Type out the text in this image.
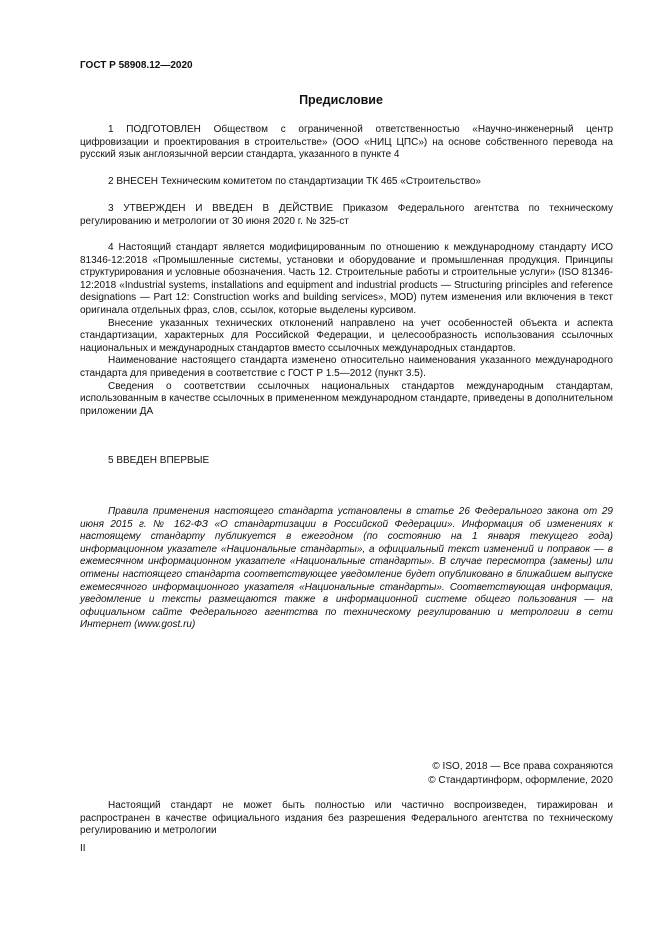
ГОСТ Р 58908.12—2020
Предисловие

1 ПОДГОТОВЛЕН Обществом с ограниченной ответственностью «Научно-инженерный центр цифровизации и проектирования в строительстве» (ООО «НИЦ ЦПС») на основе собственного перевода на русский язык англоязычной версии стандарта, указанного в пункте 4

2 ВНЕСЕН Техническим комитетом по стандартизации ТК 465 «Строительство»

3 УТВЕРЖДЕН И ВВЕДЕН В ДЕЙСТВИЕ Приказом Федерального агентства по техническому регулированию и метрологии от 30 июня 2020 г. № 325-ст

4 Настоящий стандарт является модифицированным по отношению к международному стандарту ИСО 81346-12:2018 «Промышленные системы, установки и оборудование и промышленная продукция. Принципы структурирования и условные обозначения. Часть 12. Строительные работы и строительные услуги» (ISO 81346-12:2018 «Industrial systems, installations and equipment and industrial products — Structuring principles and reference designations — Part 12: Construction works and building services», MOD) путем изменения или включения в текст оригинала отдельных фраз, слов, ссылок, которые выделены курсивом.

Внесение указанных технических отклонений направлено на учет особенностей объекта и аспекта стандартизации, характерных для Российской Федерации, и целесообразность использования ссылочных национальных и международных стандартов вместо ссылочных международных стандартов.

Наименование настоящего стандарта изменено относительно наименования указанного международного стандарта для приведения в соответствие с ГОСТ Р 1.5—2012 (пункт 3.5).

Сведения о соответствии ссылочных национальных стандартов международным стандартам, использованным в качестве ссылочных в примененном международном стандарте, приведены в дополнительном приложении ДА

5 ВВЕДЕН ВПЕРВЫЕ

Правила применения настоящего стандарта установлены в статье 26 Федерального закона от 29 июня 2015 г. № 162-ФЗ «О стандартизации в Российской Федерации». Информация об изменениях к настоящему стандарту публикуется в ежегодном (по состоянию на 1 января текущего года) информационном указателе «Национальные стандарты», а официальный текст изменений и поправок — в ежемесячном информационном указателе «Национальные стандарты». В случае пересмотра (замены) или отмены настоящего стандарта соответствующее уведомление будет опубликовано в ближайшем выпуске ежемесячного информационного указателя «Национальные стандарты». Соответствующая информация, уведомление и тексты размещаются также в информационной системе общего пользования — на официальном сайте Федерального агентства по техническому регулированию и метрологии в сети Интернет (www.gost.ru)

© ISO, 2018 — Все права сохраняются
© Стандартинформ, оформление, 2020

Настоящий стандарт не может быть полностью или частично воспроизведен, тиражирован и распространен в качестве официального издания без разрешения Федерального агентства по техническому регулированию и метрологии

II
